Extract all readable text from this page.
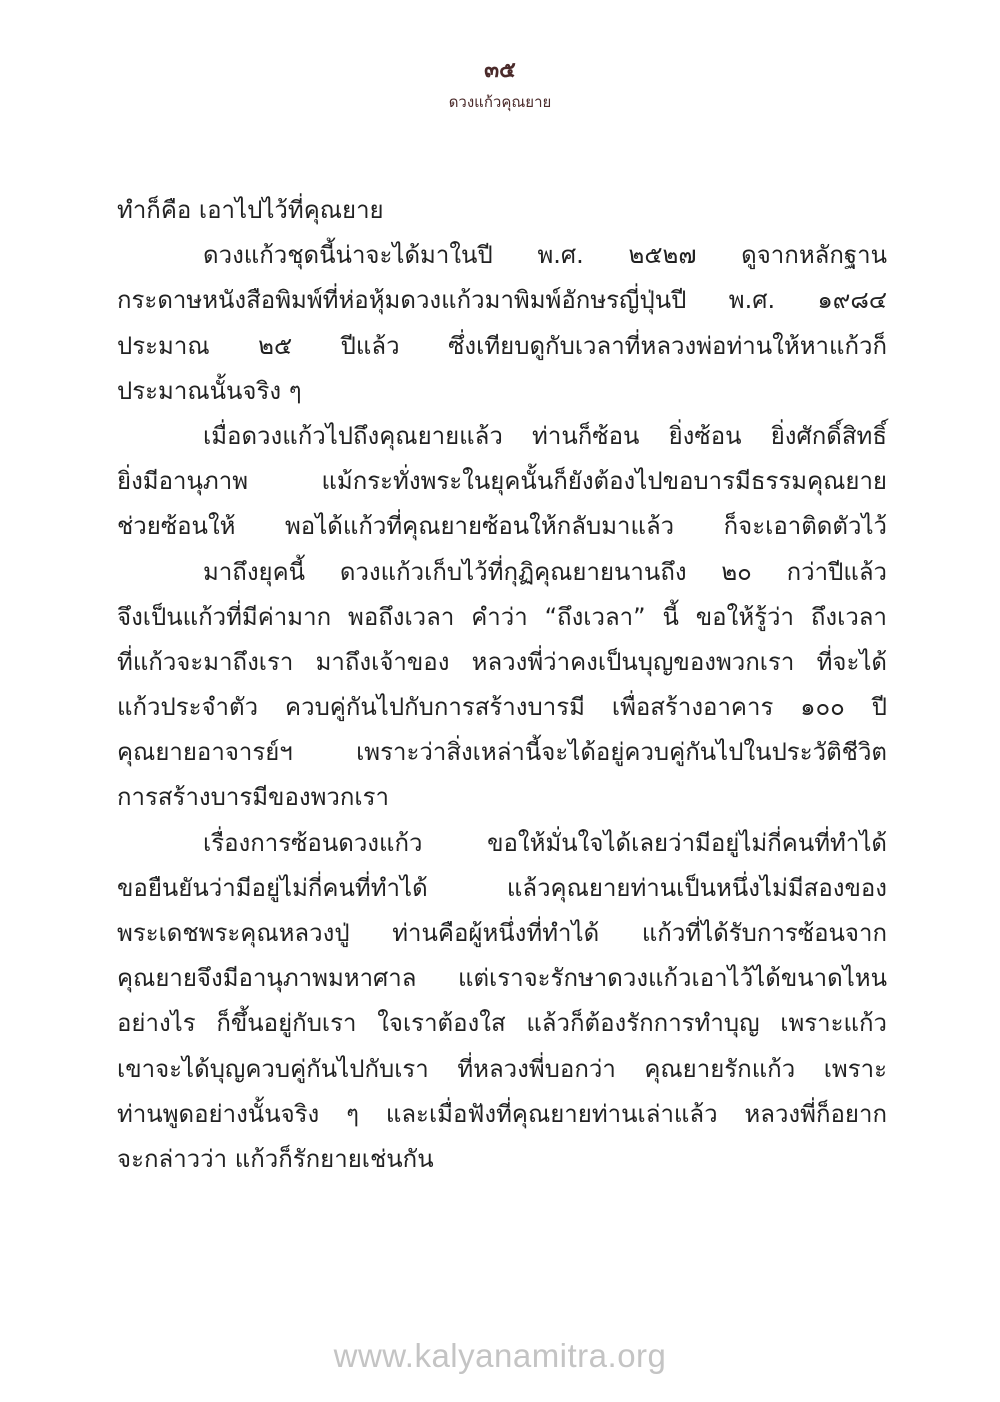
๓๕
ดวงแก้วคุณยาย
ทำก็คือ เอาไปไว้ที่คุณยาย
ดวงแก้วชุดนี้น่าจะได้มาในปี พ.ศ. ๒๕๒๗ ดูจากหลักฐาน
กระดาษหนังสือพิมพ์ที่ห่อหุ้มดวงแก้วมาพิมพ์อักษรญี่ปุ่นปี พ.ศ. ๑๙๘๔
ประมาณ ๒๕ ปีแล้ว ซึ่งเทียบดูกับเวลาที่หลวงพ่อท่านให้หาแก้วก็
ประมาณนั้นจริง ๆ
เมื่อดวงแก้วไปถึงคุณยายแล้ว ท่านก็ซ้อน ยิ่งซ้อน ยิ่งศักดิ์สิทธิ์
ยิ่งมีอานุภาพ แม้กระทั่งพระในยุคนั้นก็ยังต้องไปขอบารมีธรรมคุณยาย
ช่วยซ้อนให้ พอได้แก้วที่คุณยายซ้อนให้กลับมาแล้ว ก็จะเอาติดตัวไว้
มาถึงยุคนี้ ดวงแก้วเก็บไว้ที่กุฏิคุณยายนานถึง ๒๐ กว่าปีแล้ว
จึงเป็นแก้วที่มีค่ามาก พอถึงเวลา คำว่า “ถึงเวลา” นี้ ขอให้รู้ว่า ถึงเวลา
ที่แก้วจะมาถึงเรา มาถึงเจ้าของ หลวงพี่ว่าคงเป็นบุญของพวกเรา ที่จะได้
แก้วประจำตัว ควบคู่กันไปกับการสร้างบารมี เพื่อสร้างอาคาร ๑๐๐ ปี
คุณยายอาจารย์ฯ เพราะว่าสิ่งเหล่านี้จะได้อยู่ควบคู่กันไปในประวัติชีวิต
การสร้างบารมีของพวกเรา
เรื่องการซ้อนดวงแก้ว ขอให้มั่นใจได้เลยว่ามีอยู่ไม่กี่คนที่ทำได้
ขอยืนยันว่ามีอยู่ไม่กี่คนที่ทำได้ แล้วคุณยายท่านเป็นหนึ่งไม่มีสองของ
พระเดชพระคุณหลวงปู่ ท่านคือผู้หนึ่งที่ทำได้ แก้วที่ได้รับการซ้อนจาก
คุณยายจึงมีอานุภาพมหาศาล แต่เราจะรักษาดวงแก้วเอาไว้ได้ขนาดไหน
อย่างไร ก็ขึ้นอยู่กับเรา ใจเราต้องใส แล้วก็ต้องรักการทำบุญ เพราะแก้ว
เขาจะได้บุญควบคู่กันไปกับเรา ที่หลวงพี่บอกว่า คุณยายรักแก้ว เพราะ
ท่านพูดอย่างนั้นจริง ๆ และเมื่อฟังที่คุณยายท่านเล่าแล้ว หลวงพี่ก็อยาก
จะกล่าวว่า แก้วก็รักยายเช่นกัน
www.kalyanamitra.org
